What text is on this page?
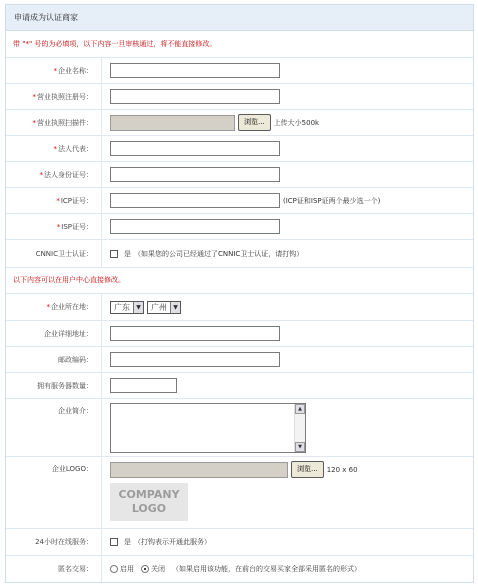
申请成为认证商家
带 "*" 号的为必填项，以下内容一旦审核通过，将不能直接修改。
* 企业名称：
* 营业执照注册号：
* 营业执照扫描件：	浏览...	上传大小500k
* 法人代表：
* 法人身份证号：
* ICP证号：	(ICP证和ISP证两个最少选一个)
* ISP证号：
CNNIC卫士认证：	是 （如果您的公司已经通过了CNNIC卫士认证，请打钩）
以下内容可以在用户中心直接修改。
* 企业所在地：	广东	▼	广州	▼
企业详细地址：
邮政编码：
拥有服务器数量：
企业简介：	▲
▼
企业LOGO：	浏览...	120 x 60
COMPANY
LOGO
24小时在线服务：	是 （打钩表示开通此服务）
匿名交易：	启用 关闭 （如果启用该功能，在前台的交易买家全部采用匿名的形式）
